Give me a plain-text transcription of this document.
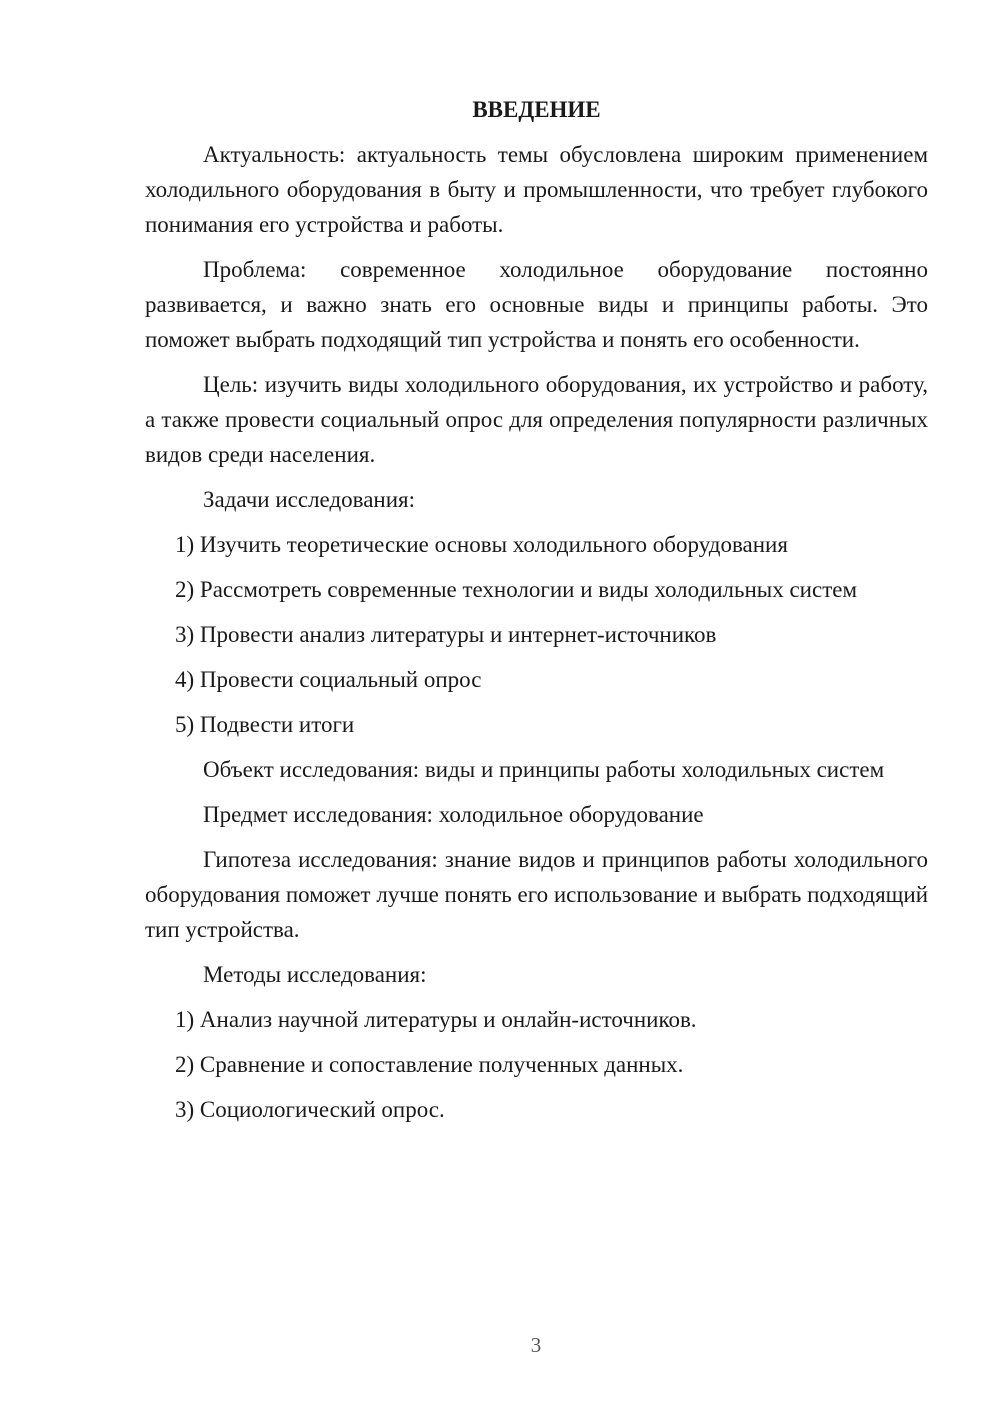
ВВЕДЕНИЕ

Актуальность: актуальность темы обусловлена широким применением холодильного оборудования в быту и промышленности, что требует глубокого понимания его устройства и работы.

Проблема: современное холодильное оборудование постоянно развивается, и важно знать его основные виды и принципы работы. Это поможет выбрать подходящий тип устройства и понять его особенности.

Цель: изучить виды холодильного оборудования, их устройство и работу, а также провести социальный опрос для определения популярности различных видов среди населения.

Задачи исследования:

1) Изучить теоретические основы холодильного оборудования
2) Рассмотреть современные технологии и виды холодильных систем
3) Провести анализ литературы и интернет-источников
4) Провести социальный опрос
5) Подвести итоги

Объект исследования: виды и принципы работы холодильных систем

Предмет исследования: холодильное оборудование

Гипотеза исследования: знание видов и принципов работы холодильного оборудования поможет лучше понять его использование и выбрать подходящий тип устройства.

Методы исследования:

1) Анализ научной литературы и онлайн-источников.
2) Сравнение и сопоставление полученных данных.
3) Социологический опрос.
3
